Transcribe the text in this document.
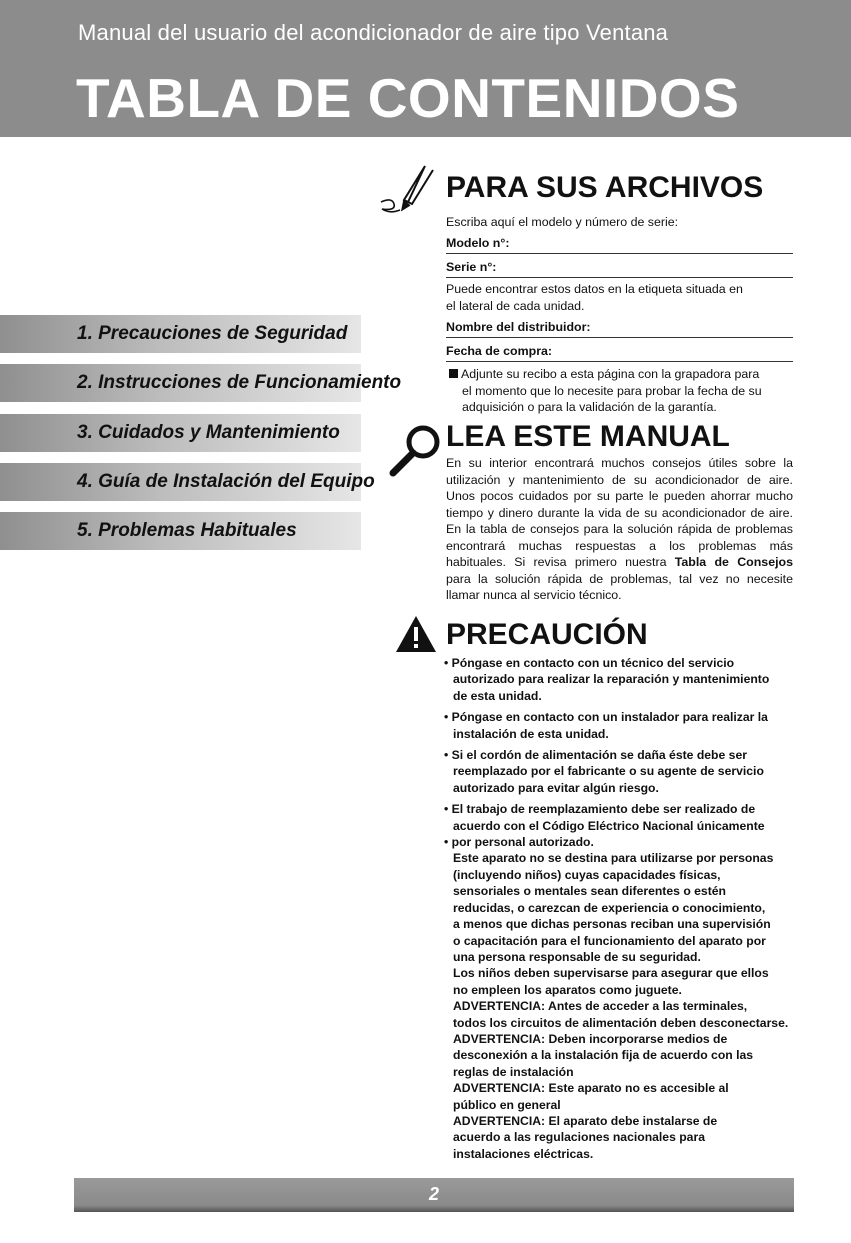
Manual del usuario del acondicionador de aire tipo Ventana
TABLA DE CONTENIDOS
1. Precauciones de Seguridad
2. Instrucciones de Funcionamiento
3. Cuidados y Mantenimiento
4. Guía de Instalación del Equipo
5. Problemas Habituales
PARA SUS ARCHIVOS
Escriba aquí el modelo y número de serie:
Modelo n°:
Serie n°:
Puede encontrar estos datos en la etiqueta situada en
el lateral de cada unidad.
Nombre del distribuidor:
Fecha de compra:
Adjunte su recibo a esta página con la grapadora para
el momento que lo necesite para probar la fecha de su
adquisición o para la validación de la garantía.
LEA ESTE MANUAL
En su interior encontrará muchos consejos útiles sobre la
utilización y mantenimiento de su acondicionador de aire.
Unos pocos cuidados por su parte le pueden ahorrar mucho
tiempo y dinero durante la vida de su acondicionador de aire.
En la tabla de consejos para la solución rápida de problemas
encontrará muchas respuestas a los problemas más
habituales. Si revisa primero nuestra Tabla de Consejos
para la solución rápida de problemas, tal vez no necesite
llamar nunca al servicio técnico.
PRECAUCIÓN
• Póngase en contacto con un técnico del servicio
autorizado para realizar la reparación y mantenimiento
de esta unidad.
• Póngase en contacto con un instalador para realizar la
instalación de esta unidad.
• Si el cordón de alimentación se daña éste debe ser
reemplazado por el fabricante o su agente de servicio
autorizado para evitar algún riesgo.
• El trabajo de reemplazamiento debe ser realizado de
acuerdo con el Código Eléctrico Nacional únicamente
• por personal autorizado.
Este aparato no se destina para utilizarse por personas
(incluyendo niños) cuyas capacidades físicas,
sensoriales o mentales sean diferentes o estén
reducidas, o carezcan de experiencia o conocimiento,
a menos que dichas personas reciban una supervisión
o capacitación para el funcionamiento del aparato por
una persona responsable de su seguridad.
Los niños deben supervisarse para asegurar que ellos
no empleen los aparatos como juguete.
ADVERTENCIA: Antes de acceder a las terminales,
todos los circuitos de alimentación deben desconectarse.
ADVERTENCIA: Deben incorporarse medios de
desconexión a la instalación fija de acuerdo con las
reglas de instalación
ADVERTENCIA: Este aparato no es accesible al
público en general
ADVERTENCIA: El aparato debe instalarse de
acuerdo a las regulaciones nacionales para
instalaciones eléctricas.
2
